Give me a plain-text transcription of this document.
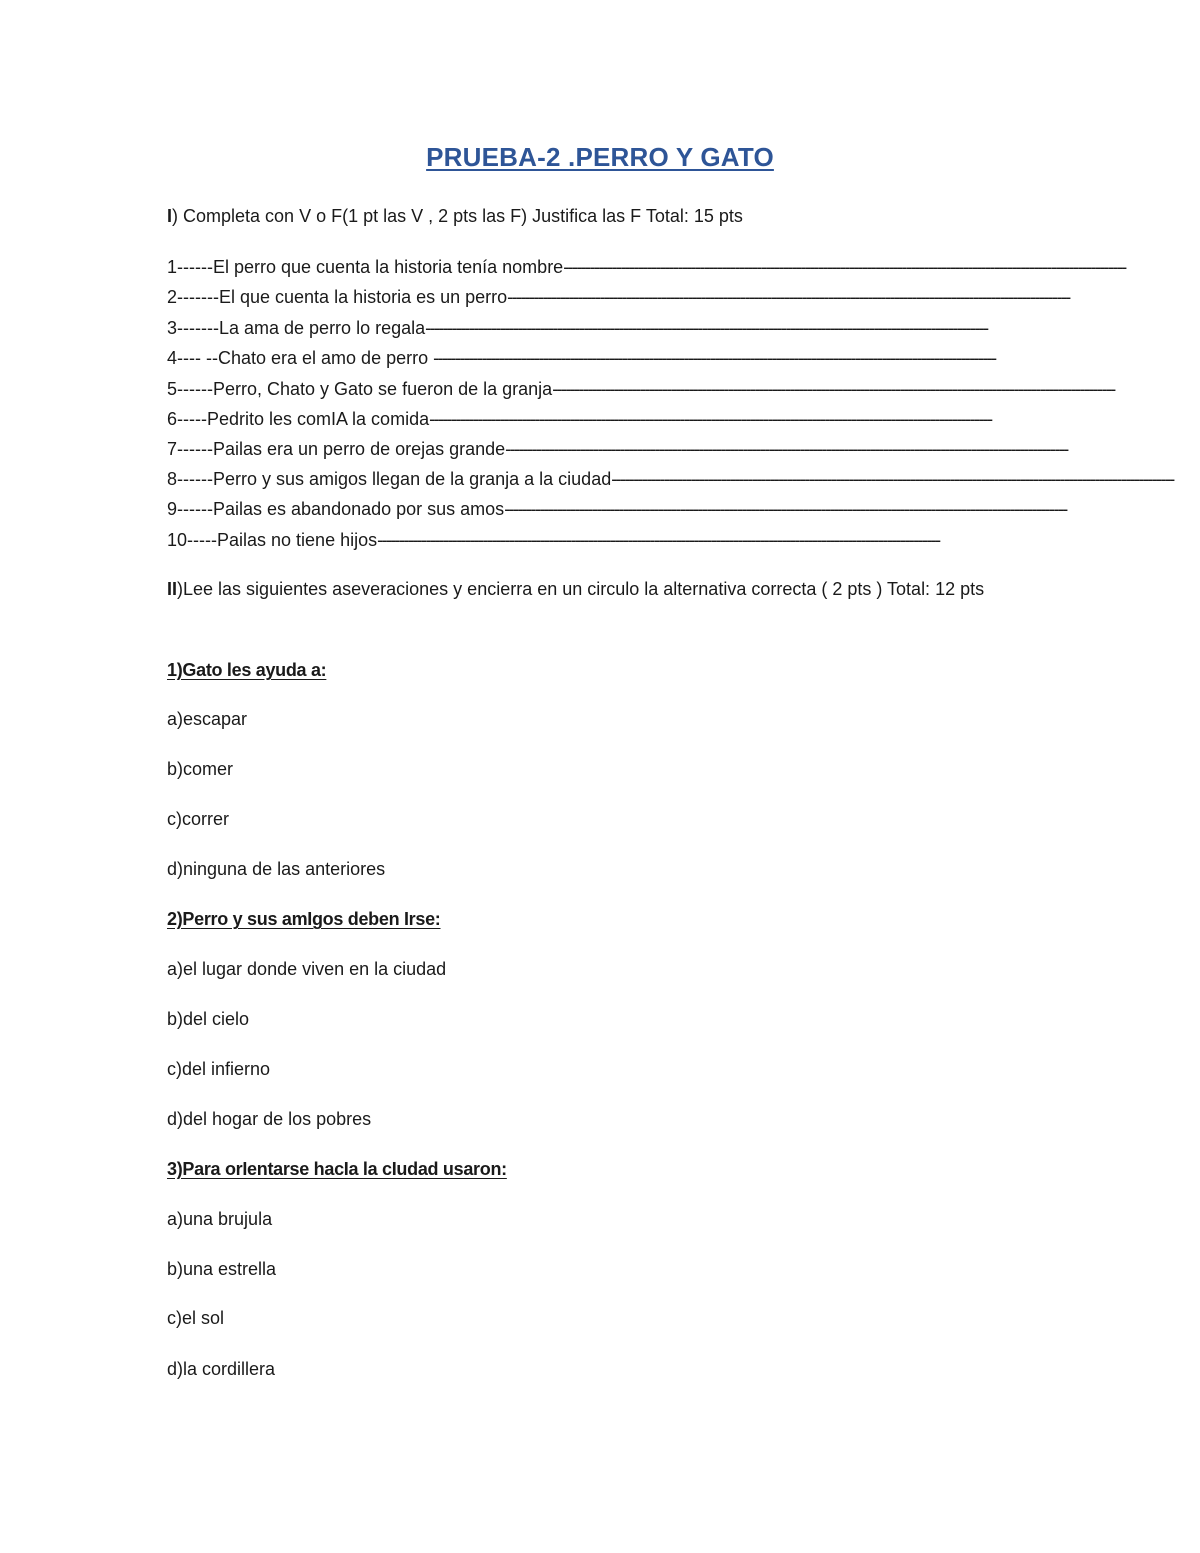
PRUEBA-2 .PERRO Y GATO
I) Completa con V o F(1 pt las V , 2 pts las F) Justifica las F Total: 15 pts
1------El perro que cuenta la historia tenía nombre--------------------------------------------------------------------------------------------------------------------------------
2-------El que cuenta la historia es un perro--------------------------------------------------------------------------------------------------------------------------------
3-------La ama de perro lo regala--------------------------------------------------------------------------------------------------------------------------------
4---- --Chato era el amo de perro --------------------------------------------------------------------------------------------------------------------------------
5------Perro, Chato y Gato se fueron de la granja--------------------------------------------------------------------------------------------------------------------------------
6-----Pedrito les comIA la comida--------------------------------------------------------------------------------------------------------------------------------
7------Pailas era un perro de orejas grande--------------------------------------------------------------------------------------------------------------------------------
8------Perro y sus amigos llegan de la granja a la ciudad--------------------------------------------------------------------------------------------------------------------------------
9------Pailas es abandonado por sus amos--------------------------------------------------------------------------------------------------------------------------------
10-----Pailas no tiene hijos--------------------------------------------------------------------------------------------------------------------------------
II)Lee las siguientes aseveraciones y encierra en un circulo la alternativa correcta ( 2 pts ) Total: 12 pts
1)Gato les ayuda a:
a)escapar
b)comer
c)correr
d)ninguna de las anteriores
2)Perro y sus amIgos deben Irse:
a)el lugar donde viven en la ciudad
b)del cielo
c)del infierno
d)del hogar de los pobres
3)Para orIentarse hacIa la cIudad usaron:
a)una brujula
b)una estrella
c)el sol
d)la cordillera
